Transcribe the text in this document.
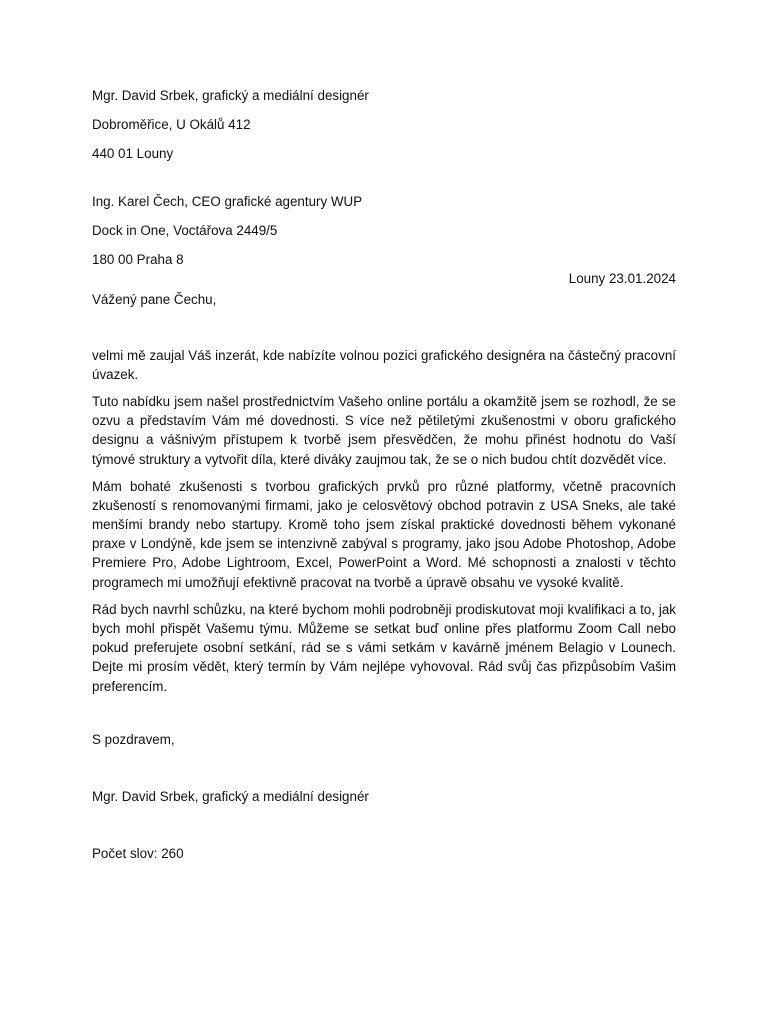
Mgr. David Srbek, grafický a mediální designér

Dobroměřice, U Okálů 412

440 01 Louny

Ing. Karel Čech, CEO grafické agentury WUP

Dock in One, Voctářova 2449/5

180 00 Praha 8

Louny 23.01.2024

Vážený pane Čechu,

velmi mě zaujal Váš inzerát, kde nabízíte volnou pozici grafického designéra na částečný pracovní úvazek.

Tuto nabídku jsem našel prostřednictvím Vašeho online portálu a okamžitě jsem se rozhodl, že se ozvu a představím Vám mé dovednosti. S více než pětiletými zkušenostmi v oboru grafického designu a vášnivým přístupem k tvorbě jsem přesvědčen, že mohu přinést hodnotu do Vaší týmové struktury a vytvořit díla, které diváky zaujmou tak, že se o nich budou chtít dozvědět více.

Mám bohaté zkušenosti s tvorbou grafických prvků pro různé platformy, včetně pracovních zkušeností s renomovanými firmami, jako je celosvětový obchod potravin z USA Sneks, ale také menšími brandy nebo startupy. Kromě toho jsem získal praktické dovednosti během vykonané praxe v Londýně, kde jsem se intenzivně zabýval s programy, jako jsou Adobe Photoshop, Adobe Premiere Pro, Adobe Lightroom, Excel, PowerPoint a Word. Mé schopnosti a znalosti v těchto programech mi umožňují efektivně pracovat na tvorbě a úpravě obsahu ve vysoké kvalitě.

Rád bych navrhl schůzku, na které bychom mohli podrobněji prodiskutovat moji kvalifikaci a to, jak bych mohl přispět Vašemu týmu. Můžeme se setkat buď online přes platformu Zoom Call nebo pokud preferujete osobní setkání, rád se s vámi setkám v kavárně jménem Belagio v Lounech. Dejte mi prosím vědět, který termín by Vám nejlépe vyhovoval. Rád svůj čas přizpůsobím Vašim preferencím.

S pozdravem,

Mgr. David Srbek, grafický a mediální designér

Počet slov: 260
